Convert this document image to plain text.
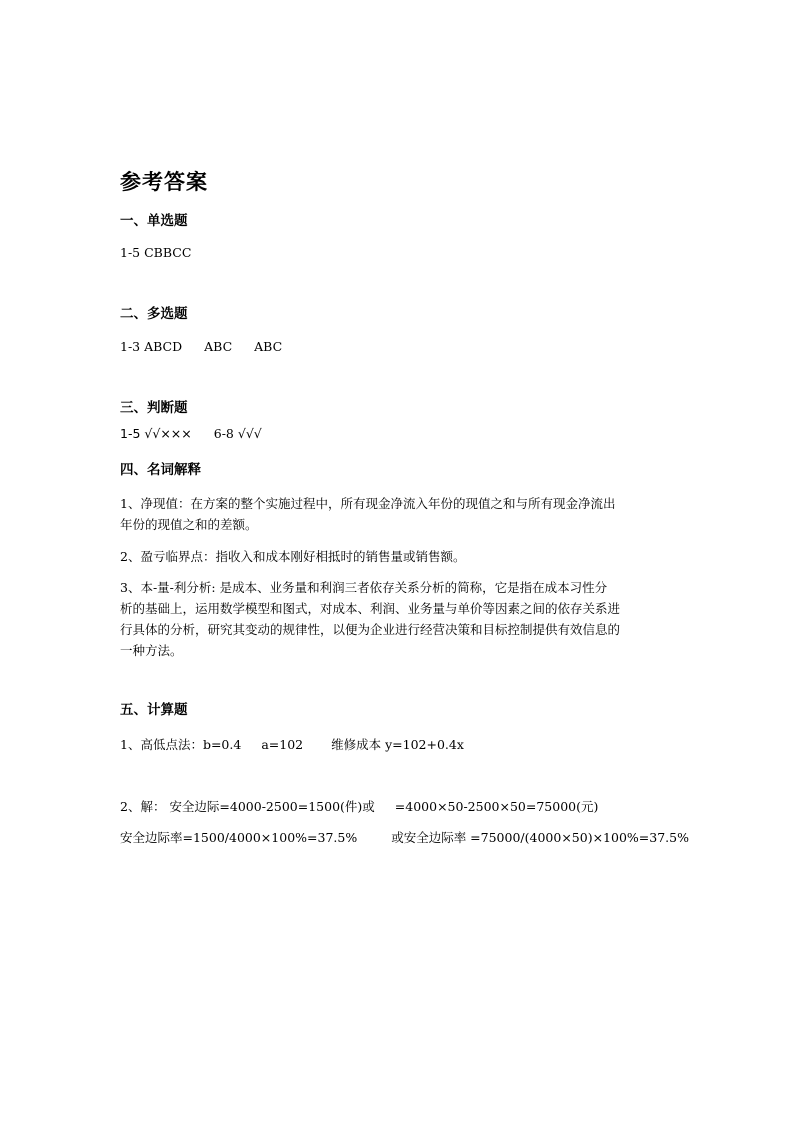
参考答案
一、单选题
1-5 CBBCC
二、多选题
1-3 ABCD ABC ABC
三、判断题
1-5 √√××× 6-8 √√√
四、名词解释
1、净现值：在方案的整个实施过程中，所有现金净流入年份的现值之和与所有现金净流出
年份的现值之和的差额。
2、盈亏临界点：指收入和成本刚好相抵时的销售量或销售额。
3、本-量-利分析: 是成本、业务量和利润三者依存关系分析的简称，它是指在成本习性分
析的基础上，运用数学模型和图式，对成本、利润、业务量与单价等因素之间的依存关系进
行具体的分析，研究其变动的规律性，以便为企业进行经营决策和目标控制提供有效信息的
一种方法。
五、计算题
1、高低点法：b=0.4 a=102 维修成本 y=102+0.4x
2、解： 安全边际=4000-2500=1500(件)或 =4000×50-2500×50=75000(元)
安全边际率=1500/4000×100%=37.5%	或安全边际率 =75000/(4000×50)×100%=37.5%
